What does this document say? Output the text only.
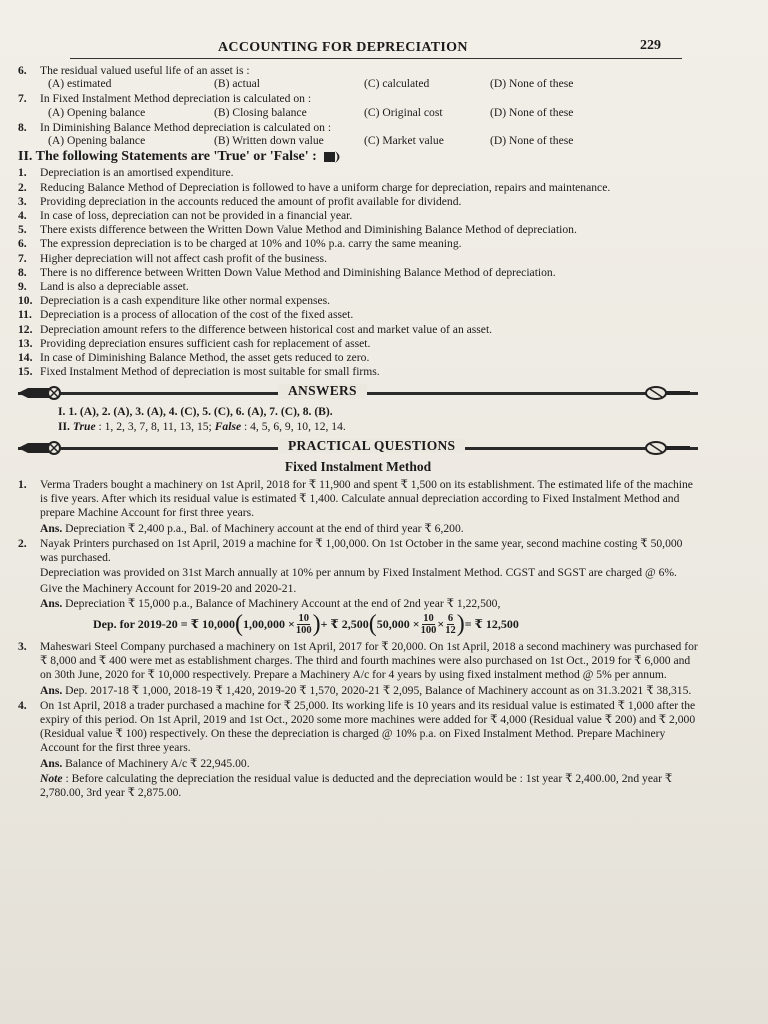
ACCOUNTING FOR DEPRECIATION	229
6.	The residual valued useful life of an asset is :
(A) estimated	(B) actual	(C) calculated	(D) None of these
7.	In Fixed Instalment Method depreciation is calculated on :
(A) Opening balance	(B) Closing balance	(C) Original cost	(D) None of these
8.	In Diminishing Balance Method depreciation is calculated on :
(A) Opening balance	(B) Written down value	(C) Market value	(D) None of these
II. The following Statements are 'True' or 'False' :
1.	Depreciation is an amortised expenditure.
2.	Reducing Balance Method of Depreciation is followed to have a uniform charge for depreciation, repairs and maintenance.
3.	Providing depreciation in the accounts reduced the amount of profit available for dividend.
4.	In case of loss, depreciation can not be provided in a financial year.
5.	There exists difference between the Written Down Value Method and Diminishing Balance Method of depreciation.
6.	The expression depreciation is to be charged at 10% and 10% p.a. carry the same meaning.
7.	Higher depreciation will not affect cash profit of the business.
8.	There is no difference between Written Down Value Method and Diminishing Balance Method of depreciation.
9.	Land is also a depreciable asset.
10. Depreciation is a cash expenditure like other normal expenses.
11. Depreciation is a process of allocation of the cost of the fixed asset.
12. Depreciation amount refers to the difference between historical cost and market value of an asset.
13. Providing depreciation ensures sufficient cash for replacement of asset.
14. In case of Diminishing Balance Method, the asset gets reduced to zero.
15. Fixed Instalment Method of depreciation is most suitable for small firms.
ANSWERS
I. 1. (A), 2. (A), 3. (A), 4. (C), 5. (C), 6. (A), 7. (C), 8. (B).
II. True : 1, 2, 3, 7, 8, 11, 13, 15; False : 4, 5, 6, 9, 10, 12, 14.
PRACTICAL QUESTIONS
Fixed Instalment Method
1.	Verma Traders bought a machinery on 1st April, 2018 for ₹ 11,900 and spent ₹ 1,500 on its establishment. The estimated life of the machine is five years. After which its residual value is estimated ₹ 1,400. Calculate annual depreciation according to Fixed Instalment Method and prepare Machine Account for first three years.
Ans. Depreciation ₹ 2,400 p.a., Bal. of Machinery account at the end of third year ₹ 6,200.
2.	Nayak Printers purchased on 1st April, 2019 a machine for ₹ 1,00,000. On 1st October in the same year, second machine costing ₹ 50,000 was purchased.
Depreciation was provided on 31st March annually at 10% per annum by Fixed Instalment Method. CGST and SGST are charged @ 6%.
Give the Machinery Account for 2019-20 and 2020-21.
Ans. Depreciation ₹ 15,000 p.a., Balance of Machinery Account at the end of 2nd year ₹ 1,22,500,
Dep. for 2019-20 = ₹ 10,000 ( $1,00,000 \times \frac{10}{100}$ ) + ₹ 2,500 ( $50,000 \times \frac{10}{100} \times \frac{6}{12}$ ) = ₹ 12,500
3.	Maheswari Steel Company purchased a machinery on 1st April, 2017 for ₹ 20,000. On 1st April, 2018 a second machinery was purchased for ₹ 8,000 and ₹ 400 were met as establishment charges. The third and fourth machines were also purchased on 1st Oct., 2019 for ₹ 6,000 and on 30th June, 2020 for ₹ 10,000 respectively. Prepare a Machinery A/c for 4 years by using fixed instalment method @ 5% per annum.
Ans. Dep. 2017-18 ₹ 1,000, 2018-19 ₹ 1,420, 2019-20 ₹ 1,570, 2020-21 ₹ 2,095, Balance of Machinery account as on 31.3.2021 ₹ 38,315.
4.	On 1st April, 2018 a trader purchased a machine for ₹ 25,000. Its working life is 10 years and its residual value is estimated ₹ 1,000 after the expiry of this period. On 1st April, 2019 and 1st Oct., 2020 some more machines were added for ₹ 4,000 (Residual value ₹ 200) and ₹ 2,000 (Residual value ₹ 100) respectively. On these the depreciation is charged @ 10% p.a. on Fixed Instalment Method. Prepare Machinery Account for the first three years.
Ans. Balance of Machinery A/c ₹ 22,945.00.
Note : Before calculating the depreciation the residual value is deducted and the depreciation would be : 1st year ₹ 2,400.00, 2nd year ₹ 2,780.00, 3rd year ₹ 2,875.00.
